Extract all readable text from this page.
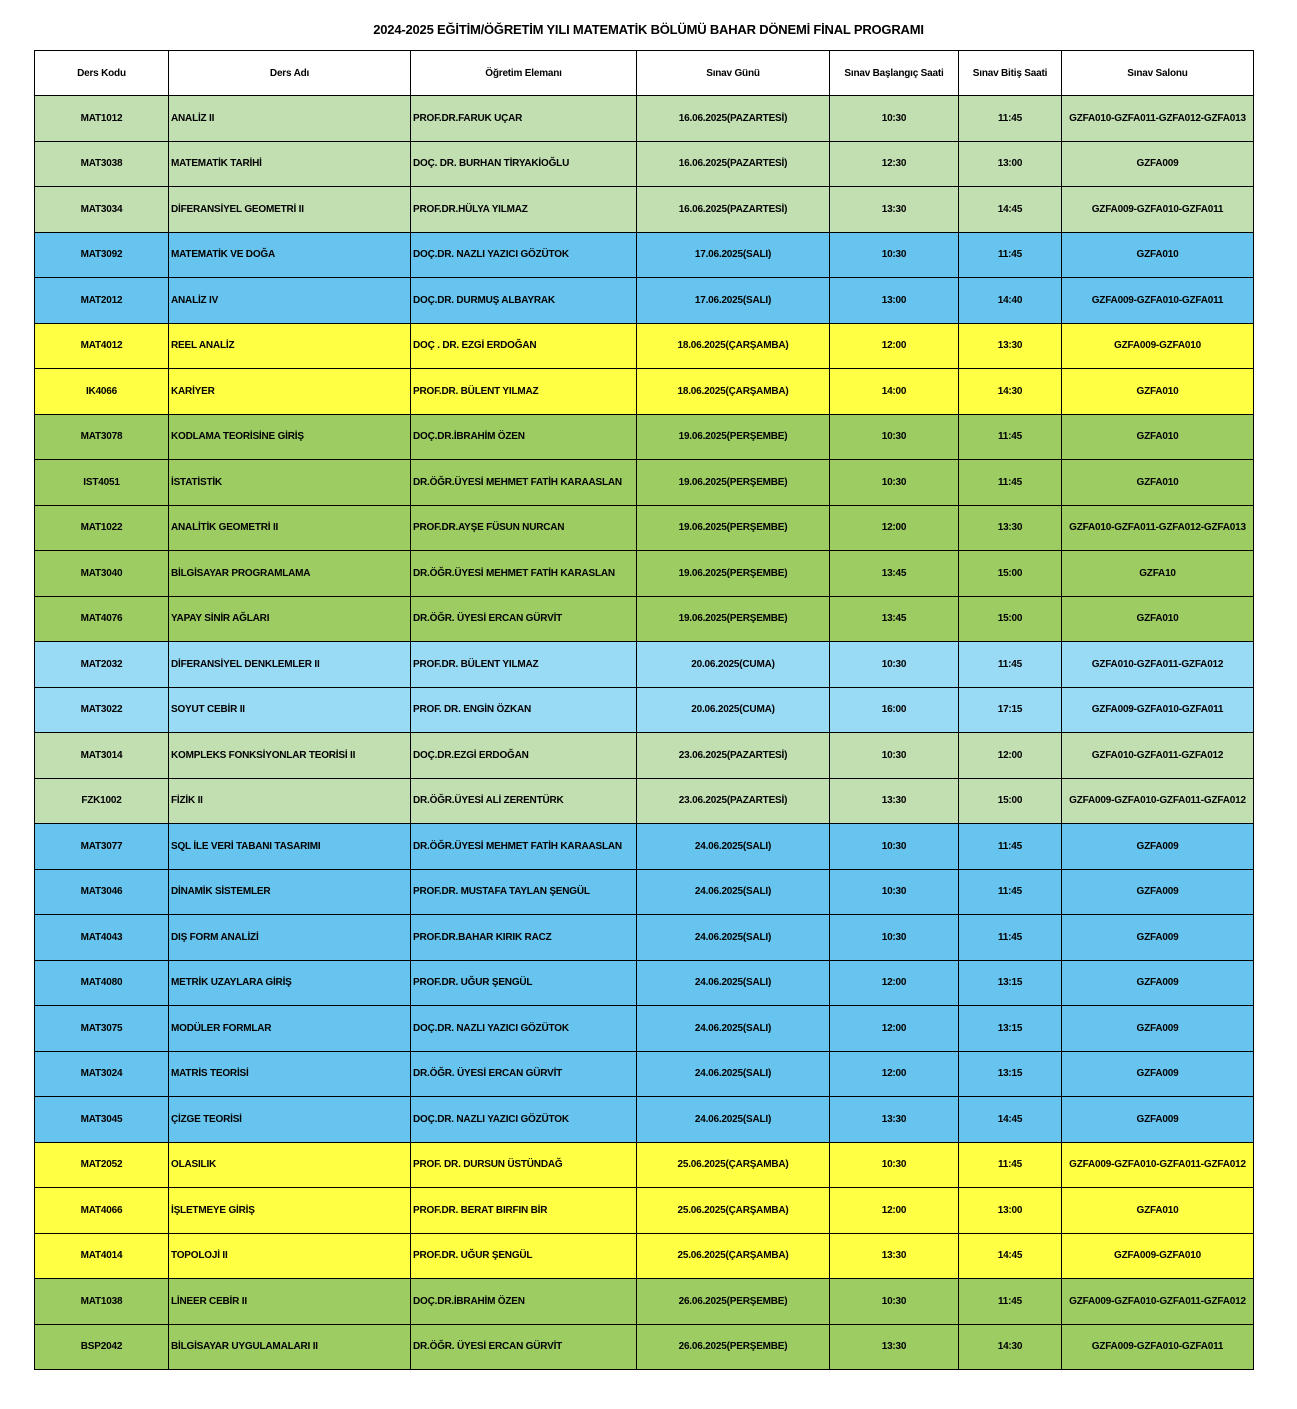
2024-2025 EĞİTİM/ÖĞRETİM YILI MATEMATİK BÖLÜMÜ BAHAR DÖNEMİ FİNAL PROGRAMI
Ders Kodu	Ders Adı	Öğretim Elemanı	Sınav Günü	Sınav Başlangıç Saati	Sınav Bitiş Saati	Sınav Salonu
MAT1012	ANALİZ II	PROF.DR.FARUK UÇAR	16.06.2025(PAZARTESİ)	10:30	11:45	GZFA010-GZFA011-GZFA012-GZFA013
MAT3038	MATEMATİK TARİHİ	DOÇ. DR. BURHAN TİRYAKİOĞLU	16.06.2025(PAZARTESİ)	12:30	13:00	GZFA009
MAT3034	DİFERANSİYEL GEOMETRİ II	PROF.DR.HÜLYA YILMAZ	16.06.2025(PAZARTESİ)	13:30	14:45	GZFA009-GZFA010-GZFA011
MAT3092	MATEMATİK VE DOĞA	DOÇ.DR. NAZLI YAZICI GÖZÜTOK	17.06.2025(SALI)	10:30	11:45	GZFA010
MAT2012	ANALİZ IV	DOÇ.DR. DURMUŞ ALBAYRAK	17.06.2025(SALI)	13:00	14:40	GZFA009-GZFA010-GZFA011
MAT4012	REEL ANALİZ	DOÇ . DR. EZGİ ERDOĞAN	18.06.2025(ÇARŞAMBA)	12:00	13:30	GZFA009-GZFA010
IK4066	KARİYER	PROF.DR. BÜLENT YILMAZ	18.06.2025(ÇARŞAMBA)	14:00	14:30	GZFA010
MAT3078	KODLAMA TEORİSİNE GİRİŞ	DOÇ.DR.İBRAHİM ÖZEN	19.06.2025(PERŞEMBE)	10:30	11:45	GZFA010
IST4051	İSTATİSTİK	DR.ÖĞR.ÜYESİ MEHMET FATİH KARAASLAN	19.06.2025(PERŞEMBE)	10:30	11:45	GZFA010
MAT1022	ANALİTİK GEOMETRİ II	PROF.DR.AYŞE FÜSUN NURCAN	19.06.2025(PERŞEMBE)	12:00	13:30	GZFA010-GZFA011-GZFA012-GZFA013
MAT3040	BİLGİSAYAR PROGRAMLAMA	DR.ÖĞR.ÜYESİ MEHMET FATİH KARASLAN	19.06.2025(PERŞEMBE)	13:45	15:00	GZFA10
MAT4076	YAPAY SİNİR AĞLARI	DR.ÖĞR. ÜYESİ ERCAN GÜRVİT	19.06.2025(PERŞEMBE)	13:45	15:00	GZFA010
MAT2032	DİFERANSİYEL DENKLEMLER II	PROF.DR. BÜLENT YILMAZ	20.06.2025(CUMA)	10:30	11:45	GZFA010-GZFA011-GZFA012
MAT3022	SOYUT CEBİR II	PROF. DR. ENGİN ÖZKAN	20.06.2025(CUMA)	16:00	17:15	GZFA009-GZFA010-GZFA011
MAT3014	KOMPLEKS FONKSİYONLAR TEORİSİ II	DOÇ.DR.EZGİ ERDOĞAN	23.06.2025(PAZARTESİ)	10:30	12:00	GZFA010-GZFA011-GZFA012
FZK1002	FİZİK II	DR.ÖĞR.ÜYESİ ALİ ZERENTÜRK	23.06.2025(PAZARTESİ)	13:30	15:00	GZFA009-GZFA010-GZFA011-GZFA012
MAT3077	SQL İLE VERİ TABANI TASARIMI	DR.ÖĞR.ÜYESİ MEHMET FATİH KARAASLAN	24.06.2025(SALI)	10:30	11:45	GZFA009
MAT3046	DİNAMİK SİSTEMLER	PROF.DR. MUSTAFA TAYLAN ŞENGÜL	24.06.2025(SALI)	10:30	11:45	GZFA009
MAT4043	DIŞ FORM ANALİZİ	PROF.DR.BAHAR KIRIK RACZ	24.06.2025(SALI)	10:30	11:45	GZFA009
MAT4080	METRİK UZAYLARA GİRİŞ	PROF.DR. UĞUR ŞENGÜL	24.06.2025(SALI)	12:00	13:15	GZFA009
MAT3075	MODÜLER FORMLAR	DOÇ.DR. NAZLI YAZICI GÖZÜTOK	24.06.2025(SALI)	12:00	13:15	GZFA009
MAT3024	MATRİS TEORİSİ	DR.ÖĞR. ÜYESİ ERCAN GÜRVİT	24.06.2025(SALI)	12:00	13:15	GZFA009
MAT3045	ÇİZGE TEORİSİ	DOÇ.DR. NAZLI YAZICI GÖZÜTOK	24.06.2025(SALI)	13:30	14:45	GZFA009
MAT2052	OLASILIK	PROF. DR. DURSUN ÜSTÜNDAĞ	25.06.2025(ÇARŞAMBA)	10:30	11:45	GZFA009-GZFA010-GZFA011-GZFA012
MAT4066	İŞLETMEYE GİRİŞ	PROF.DR. BERAT BIRFIN BİR	25.06.2025(ÇARŞAMBA)	12:00	13:00	GZFA010
MAT4014	TOPOLOJİ II	PROF.DR. UĞUR ŞENGÜL	25.06.2025(ÇARŞAMBA)	13:30	14:45	GZFA009-GZFA010
MAT1038	LİNEER CEBİR II	DOÇ.DR.İBRAHİM ÖZEN	26.06.2025(PERŞEMBE)	10:30	11:45	GZFA009-GZFA010-GZFA011-GZFA012
BSP2042	BİLGİSAYAR UYGULAMALARI II	DR.ÖĞR. ÜYESİ ERCAN GÜRVİT	26.06.2025(PERŞEMBE)	13:30	14:30	GZFA009-GZFA010-GZFA011
